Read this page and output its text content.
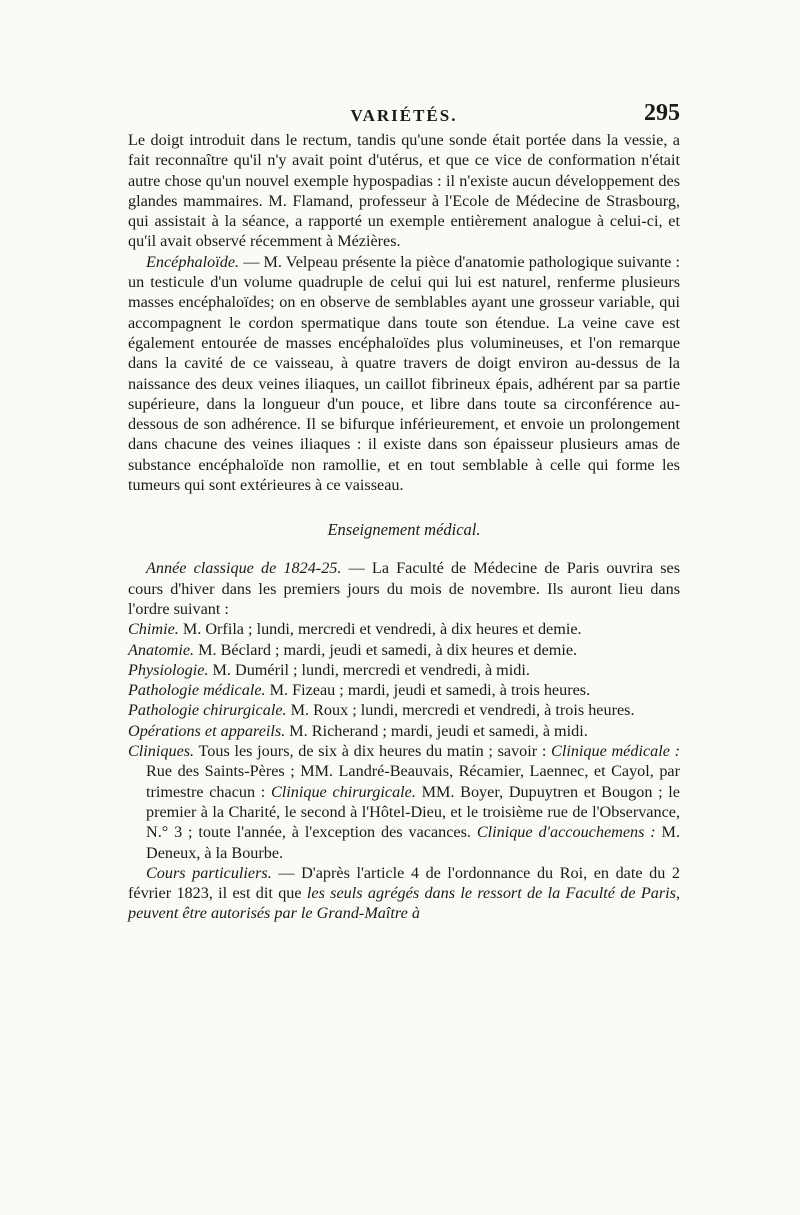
VARIÉTÉS.	295

Le doigt introduit dans le rectum, tandis qu'une sonde était portée dans la vessie, a fait reconnaître qu'il n'y avait point d'utérus, et que ce vice de conformation n'était autre chose qu'un nouvel exemple hypospadias : il n'existe aucun développement des glandes mammaires. M. Flamand, professeur à l'Ecole de Médecine de Strasbourg, qui assistait à la séance, a rapporté un exemple entièrement analogue à celui-ci, et qu'il avait observé récemment à Mézières.

Encéphaloïde. — M. Velpeau présente la pièce d'anatomie pathologique suivante : un testicule d'un volume quadruple de celui qui lui est naturel, renferme plusieurs masses encéphaloïdes; on en observe de semblables ayant une grosseur variable, qui accompagnent le cordon spermatique dans toute son étendue. La veine cave est également entourée de masses encéphaloïdes plus volumineuses, et l'on remarque dans la cavité de ce vaisseau, à quatre travers de doigt environ au-dessus de la naissance des deux veines iliaques, un caillot fibrineux épais, adhérent par sa partie supérieure, dans la longueur d'un pouce, et libre dans toute sa circonférence au-dessous de son adhérence. Il se bifurque inférieurement, et envoie un prolongement dans chacune des veines iliaques : il existe dans son épaisseur plusieurs amas de substance encéphaloïde non ramollie, et en tout semblable à celle qui forme les tumeurs qui sont extérieures à ce vaisseau.

Enseignement médical.

Année classique de 1824-25. — La Faculté de Médecine de Paris ouvrira ses cours d'hiver dans les premiers jours du mois de novembre. Ils auront lieu dans l'ordre suivant :

Chimie. M. Orfila ; lundi, mercredi et vendredi, à dix heures et demie.

Anatomie. M. Béclard ; mardi, jeudi et samedi, à dix heures et demie.

Physiologie. M. Duméril ; lundi, mercredi et vendredi, à midi.

Pathologie médicale. M. Fizeau ; mardi, jeudi et samedi, à trois heures.

Pathologie chirurgicale. M. Roux ; lundi, mercredi et vendredi, à trois heures.

Opérations et appareils. M. Richerand ; mardi, jeudi et samedi, à midi.

Cliniques. Tous les jours, de six à dix heures du matin ; savoir : Clinique médicale : Rue des Saints-Pères ; MM. Landré-Beauvais, Récamier, Laennec, et Cayol, par trimestre chacun : Clinique chirurgicale. MM. Boyer, Dupuytren et Bougon ; le premier à la Charité, le second à l'Hôtel-Dieu, et le troisième rue de l'Observance, N.° 3 ; toute l'année, à l'exception des vacances. Clinique d'accouchemens : M. Deneux, à la Bourbe.

Cours particuliers. — D'après l'article 4 de l'ordonnance du Roi, en date du 2 février 1823, il est dit que les seuls agrégés dans le ressort de la Faculté de Paris, peuvent être autorisés par le Grand-Maître à
